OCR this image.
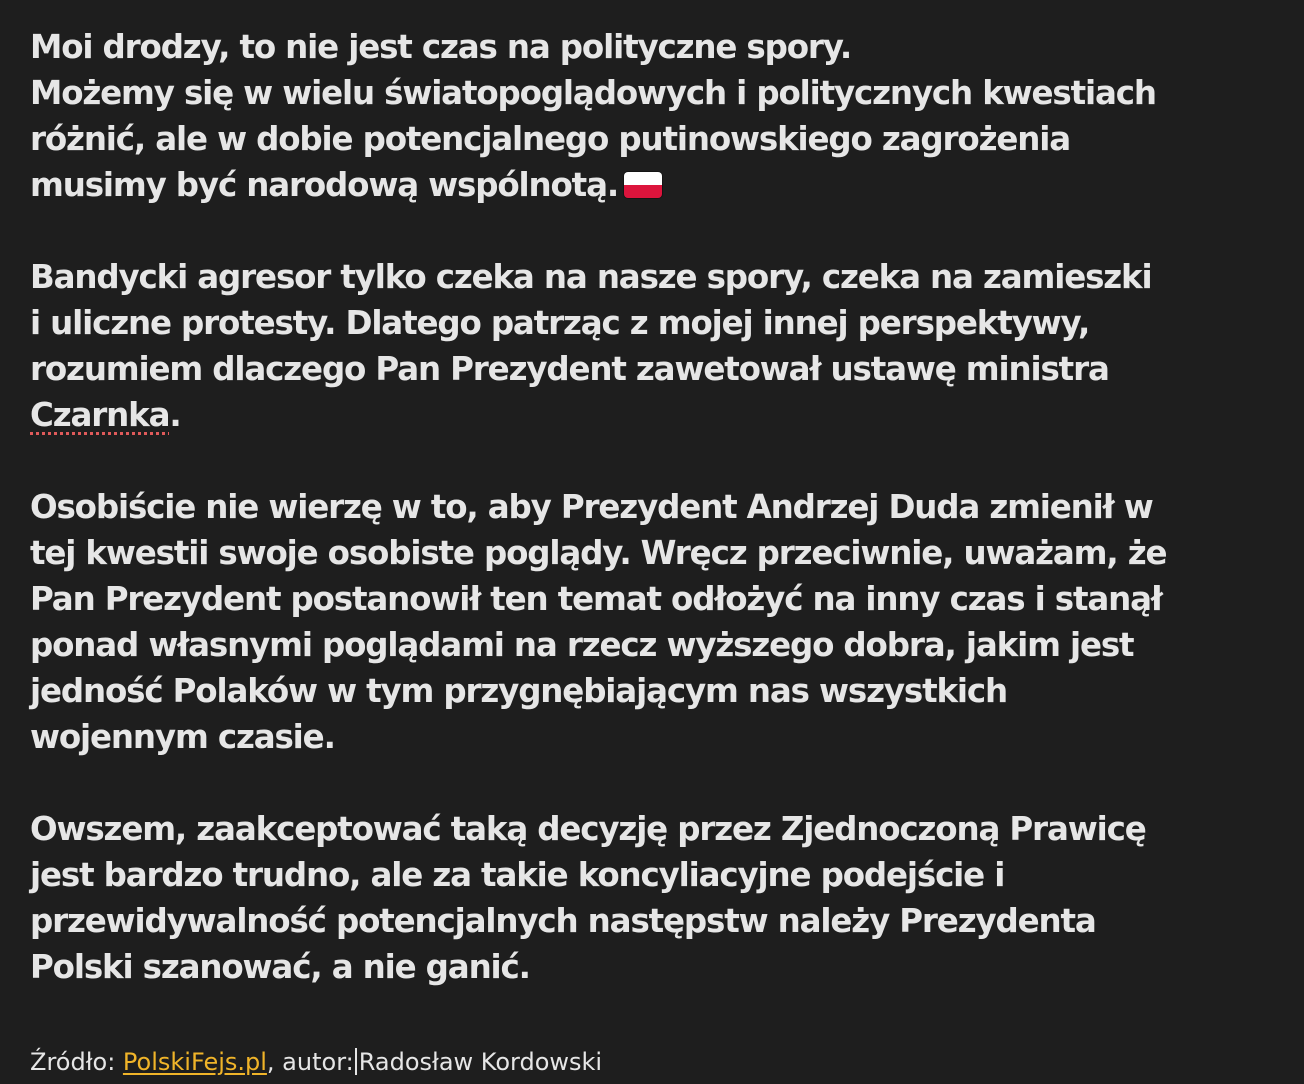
Moi drodzy, to nie jest czas na polityczne spory.
Możemy się w wielu światopoglądowych i politycznych kwestiach
różnić, ale w dobie potencjalnego putinowskiego zagrożenia
musimy być narodową wspólnotą.
Bandycki agresor tylko czeka na nasze spory, czeka na zamieszki
i uliczne protesty. Dlatego patrząc z mojej innej perspektywy,
rozumiem dlaczego Pan Prezydent zawetował ustawę ministra
Czarnka.
Osobiście nie wierzę w to, aby Prezydent Andrzej Duda zmienił w
tej kwestii swoje osobiste poglądy. Wręcz przeciwnie, uważam, że
Pan Prezydent postanowił ten temat odłożyć na inny czas i stanął
ponad własnymi poglądami na rzecz wyższego dobra, jakim jest
jedność Polaków w tym przygnębiającym nas wszystkich
wojennym czasie.
Owszem, zaakceptować taką decyzję przez Zjednoczoną Prawicę
jest bardzo trudno, ale za takie koncyliacyjne podejście i
przewidywalność potencjalnych następstw należy Prezydenta
Polski szanować, a nie ganić.
Źródło: PolskiFejs.pl, autor: Radosław Kordowski
